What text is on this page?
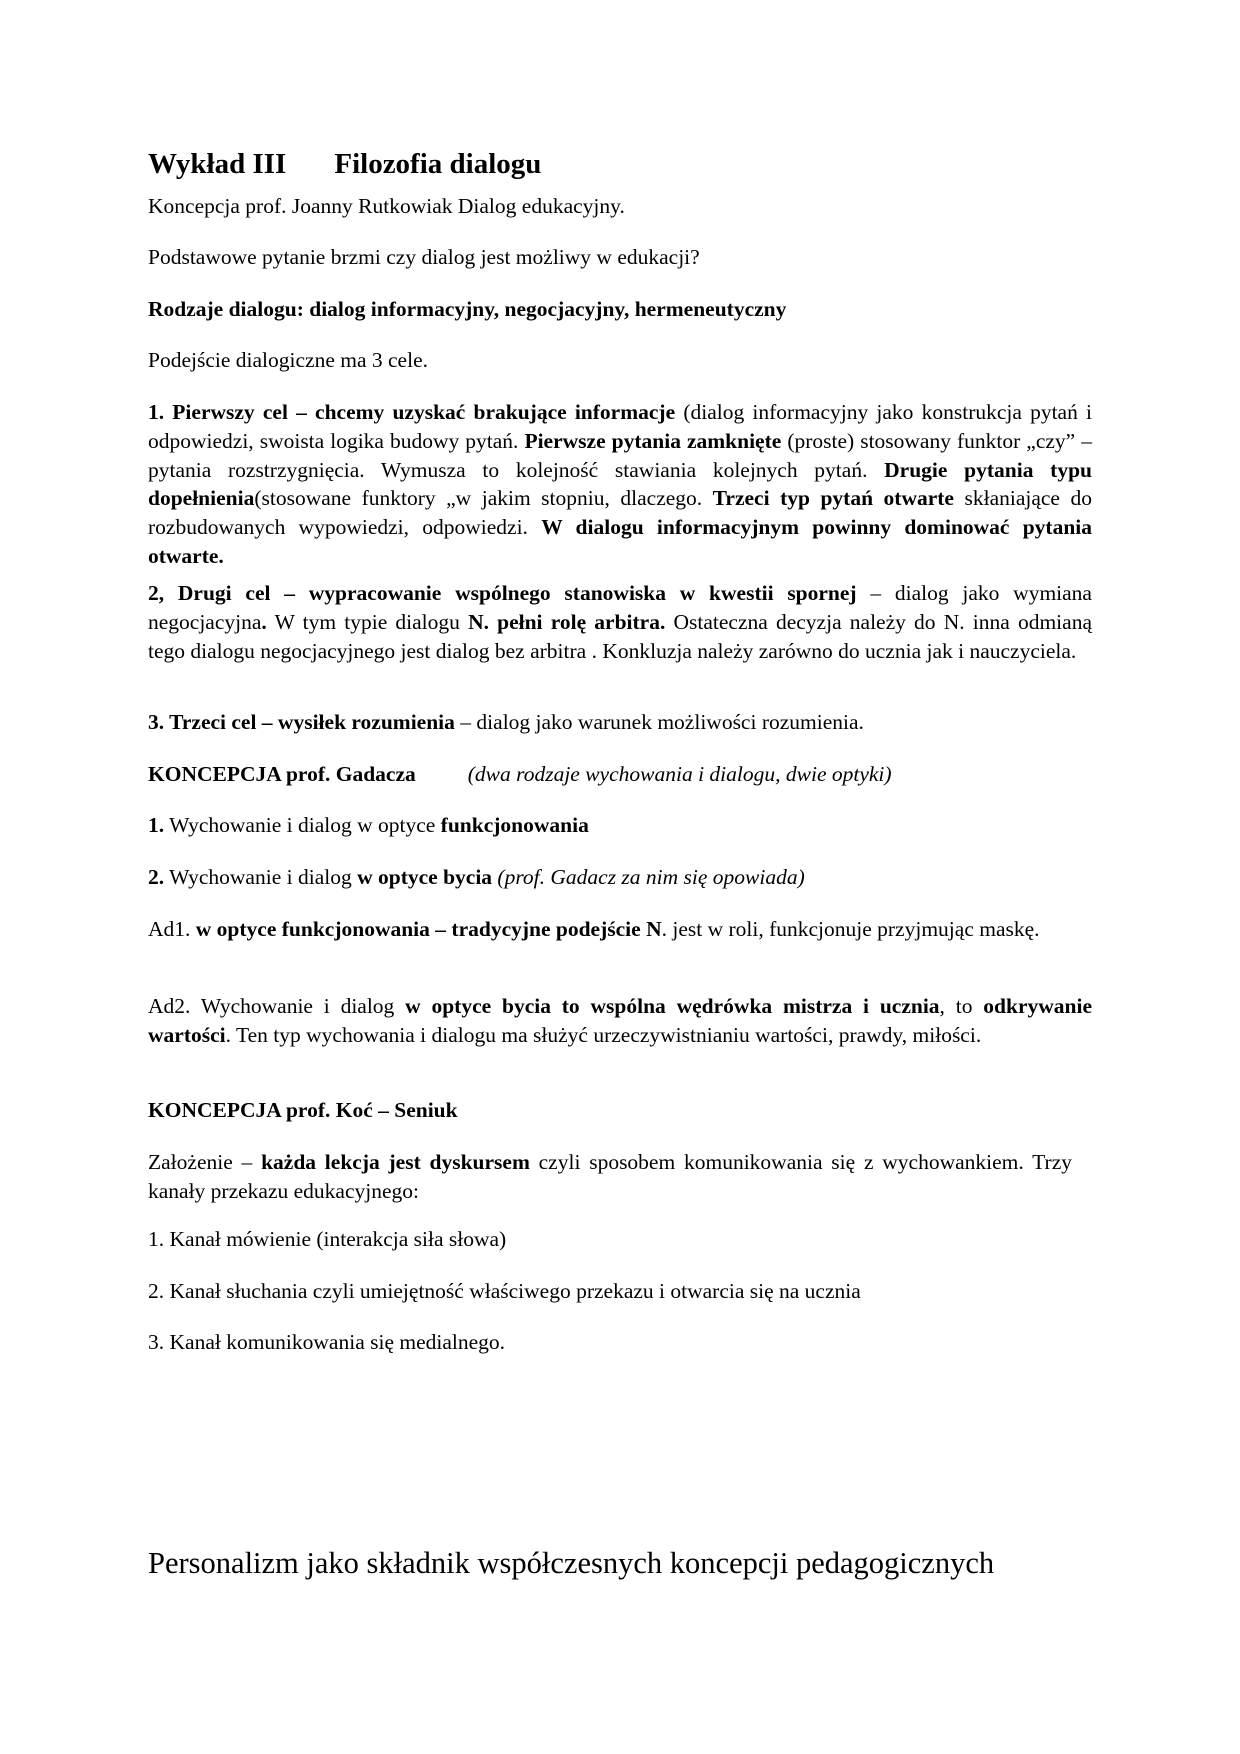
Wykład III Filozofia dialogu

Koncepcja prof. Joanny Rutkowiak Dialog edukacyjny.

Podstawowe pytanie brzmi czy dialog jest możliwy w edukacji?

Rodzaje dialogu: dialog informacyjny, negocjacyjny, hermeneutyczny

Podejście dialogiczne ma 3 cele.

1. Pierwszy cel – chcemy uzyskać brakujące informacje (dialog informacyjny jako konstrukcja pytań i odpowiedzi, swoista logika budowy pytań. Pierwsze pytania zamknięte (proste) stosowany funktor „czy” – pytania rozstrzygnięcia. Wymusza to kolejność stawiania kolejnych pytań. Drugie pytania typu dopełnienia(stosowane funktory „w jakim stopniu, dlaczego. Trzeci typ pytań otwarte skłaniające do rozbudowanych wypowiedzi, odpowiedzi. W dialogu informacyjnym powinny dominować pytania otwarte.

2, Drugi cel – wypracowanie wspólnego stanowiska w kwestii spornej – dialog jako wymiana negocjacyjna. W tym typie dialogu N. pełni rolę arbitra. Ostateczna decyzja należy do N. inna odmianą tego dialogu negocjacyjnego jest dialog bez arbitra . Konkluzja należy zarówno do ucznia jak i nauczyciela.

3. Trzeci cel – wysiłek rozumienia – dialog jako warunek możliwości rozumienia.

KONCEPCJA prof. Gadacza (dwa rodzaje wychowania i dialogu, dwie optyki)

1. Wychowanie i dialog w optyce funkcjonowania

2. Wychowanie i dialog w optyce bycia (prof. Gadacz za nim się opowiada)

Ad1. w optyce funkcjonowania – tradycyjne podejście N. jest w roli, funkcjonuje przyjmując maskę.

Ad2. Wychowanie i dialog w optyce bycia to wspólna wędrówka mistrza i ucznia, to odkrywanie wartości. Ten typ wychowania i dialogu ma służyć urzeczywistnianiu wartości, prawdy, miłości.

KONCEPCJA prof. Koć – Seniuk

Założenie – każda lekcja jest dyskursem czyli sposobem komunikowania się z wychowankiem. Trzy kanały przekazu edukacyjnego:

1. Kanał mówienie (interakcja siła słowa)

2. Kanał słuchania czyli umiejętność właściwego przekazu i otwarcia się na ucznia

3. Kanał komunikowania się medialnego.

Personalizm jako składnik współczesnych koncepcji pedagogicznych
